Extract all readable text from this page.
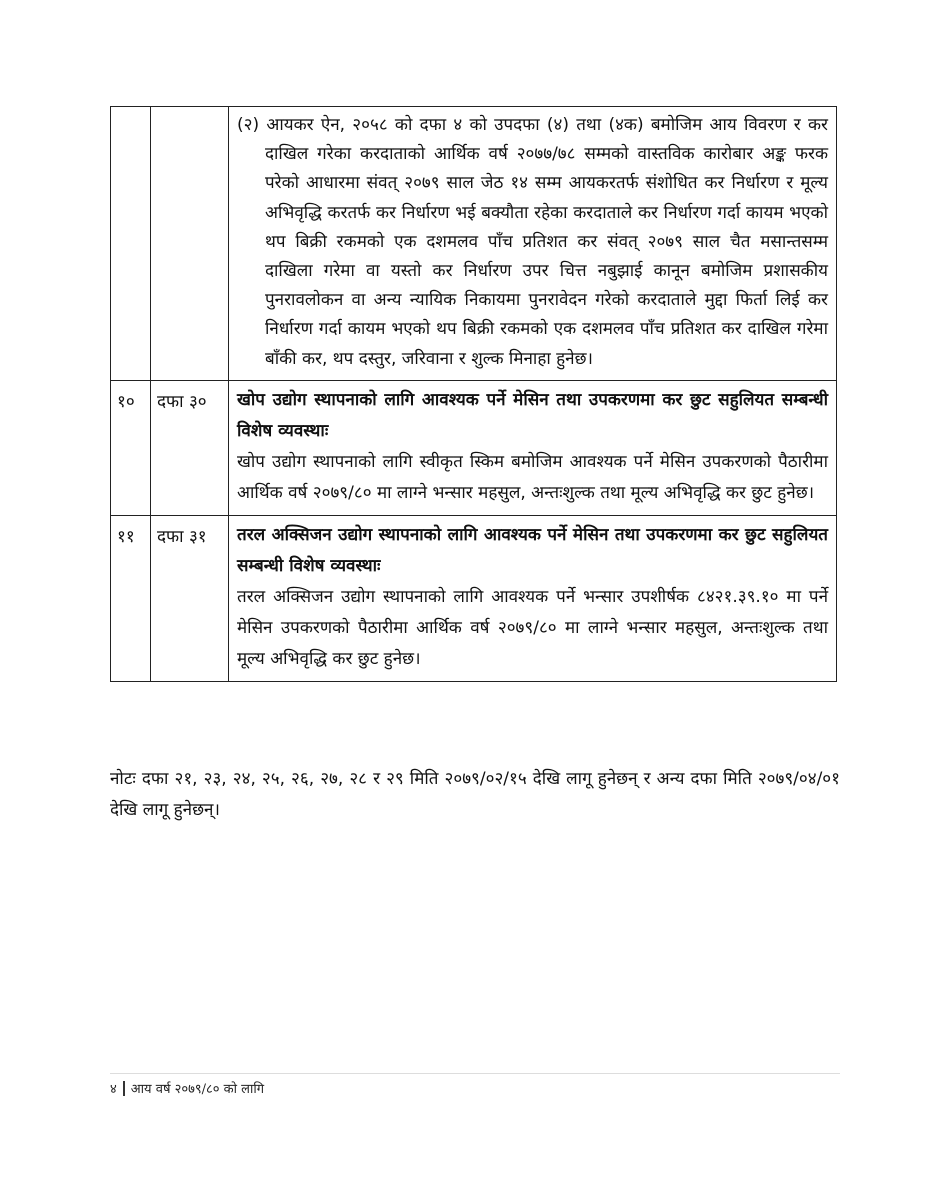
		(२) आयकर ऐन, २०५८ को दफा ४ को उपदफा (४) तथा (४क) बमोजिम आय विवरण र कर दाखिल गरेका करदाताको आर्थिक वर्ष २०७७/७८ सम्मको वास्तविक कारोबार अङ्क फरक परेको आधारमा संवत् २०७९ साल जेठ १४ सम्म आयकरतर्फ संशोधित कर निर्धारण र मूल्य अभिवृद्धि करतर्फ कर निर्धारण भई बक्यौता रहेका करदाताले कर निर्धारण गर्दा कायम भएको थप बिक्री रकमको एक दशमलव पाँच प्रतिशत कर संवत् २०७९ साल चैत मसान्तसम्म दाखिला गरेमा वा यस्तो कर निर्धारण उपर चित्त नबुझाई कानून बमोजिम प्रशासकीय पुनरावलोकन वा अन्य न्यायिक निकायमा पुनरावेदन गरेको करदाताले मुद्दा फिर्ता लिई कर निर्धारण गर्दा कायम भएको थप बिक्री रकमको एक दशमलव पाँच प्रतिशत कर दाखिल गरेमा बाँकी कर, थप दस्तुर, जरिवाना र शुल्क मिनाहा हुनेछ।

१०	दफा ३०	खोप उद्योग स्थापनाको लागि आवश्यक पर्ने मेसिन तथा उपकरणमा कर छुट सहुलियत सम्बन्धी विशेष व्यवस्थाः

खोप उद्योग स्थापनाको लागि स्वीकृत स्किम बमोजिम आवश्यक पर्ने मेसिन उपकरणको पैठारीमा आर्थिक वर्ष २०७९/८० मा लाग्ने भन्सार महसुल, अन्तःशुल्क तथा मूल्य अभिवृद्धि कर छुट हुनेछ।

११	दफा ३१	तरल अक्सिजन उद्योग स्थापनाको लागि आवश्यक पर्ने मेसिन तथा उपकरणमा कर छुट सहुलियत सम्बन्धी विशेष व्यवस्थाः

तरल अक्सिजन उद्योग स्थापनाको लागि आवश्यक पर्ने भन्सार उपशीर्षक ८४२१.३९.१० मा पर्ने मेसिन उपकरणको पैठारीमा आर्थिक वर्ष २०७९/८० मा लाग्ने भन्सार महसुल, अन्तःशुल्क तथा मूल्य अभिवृद्धि कर छुट हुनेछ।

नोटः दफा २१, २३, २४, २५, २६, २७, २८ र २९ मिति २०७९/०२/१५ देखि लागू हुनेछन् र अन्य दफा मिति २०७९/०४/०१ देखि लागू हुनेछन्।

४ आय वर्ष २०७९/८० को लागि
